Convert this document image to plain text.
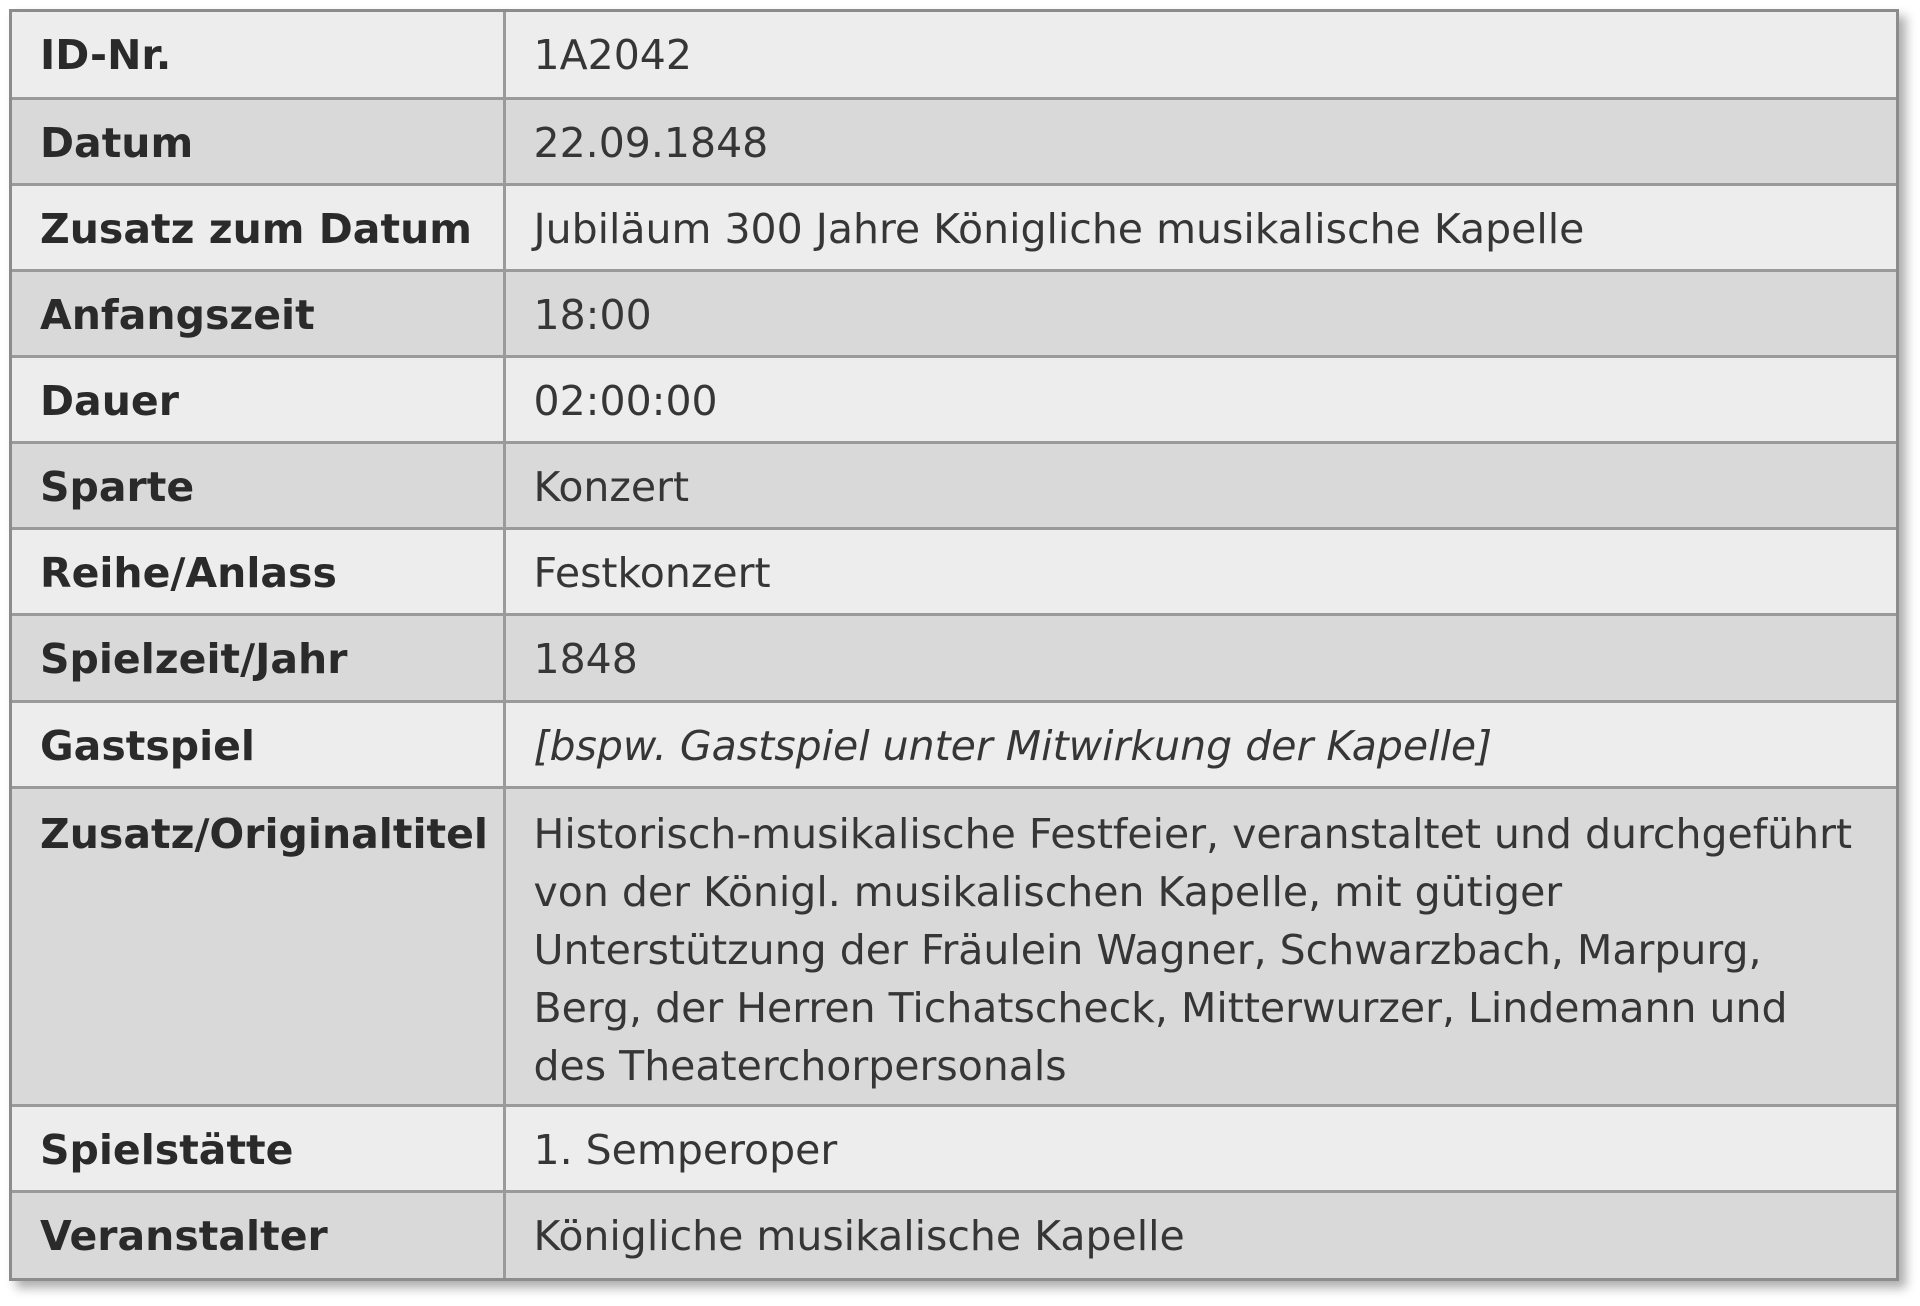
ID-Nr.	1A2042
Datum	22.09.1848
Zusatz zum Datum	Jubiläum 300 Jahre Königliche musikalische Kapelle
Anfangszeit	18:00
Dauer	02:00:00
Sparte	Konzert
Reihe/Anlass	Festkonzert
Spielzeit/Jahr	1848
Gastspiel	[bspw. Gastspiel unter Mitwirkung der Kapelle]
Zusatz/Originaltitel	Historisch-musikalische Festfeier, veranstaltet und durchgeführt von der Königl. musikalischen Kapelle, mit gütiger Unterstützung der Fräulein Wagner, Schwarzbach, Marpurg, Berg, der Herren Tichatscheck, Mitterwurzer, Lindemann und des Theaterchorpersonals
Spielstätte	1. Semperoper
Veranstalter	Königliche musikalische Kapelle
